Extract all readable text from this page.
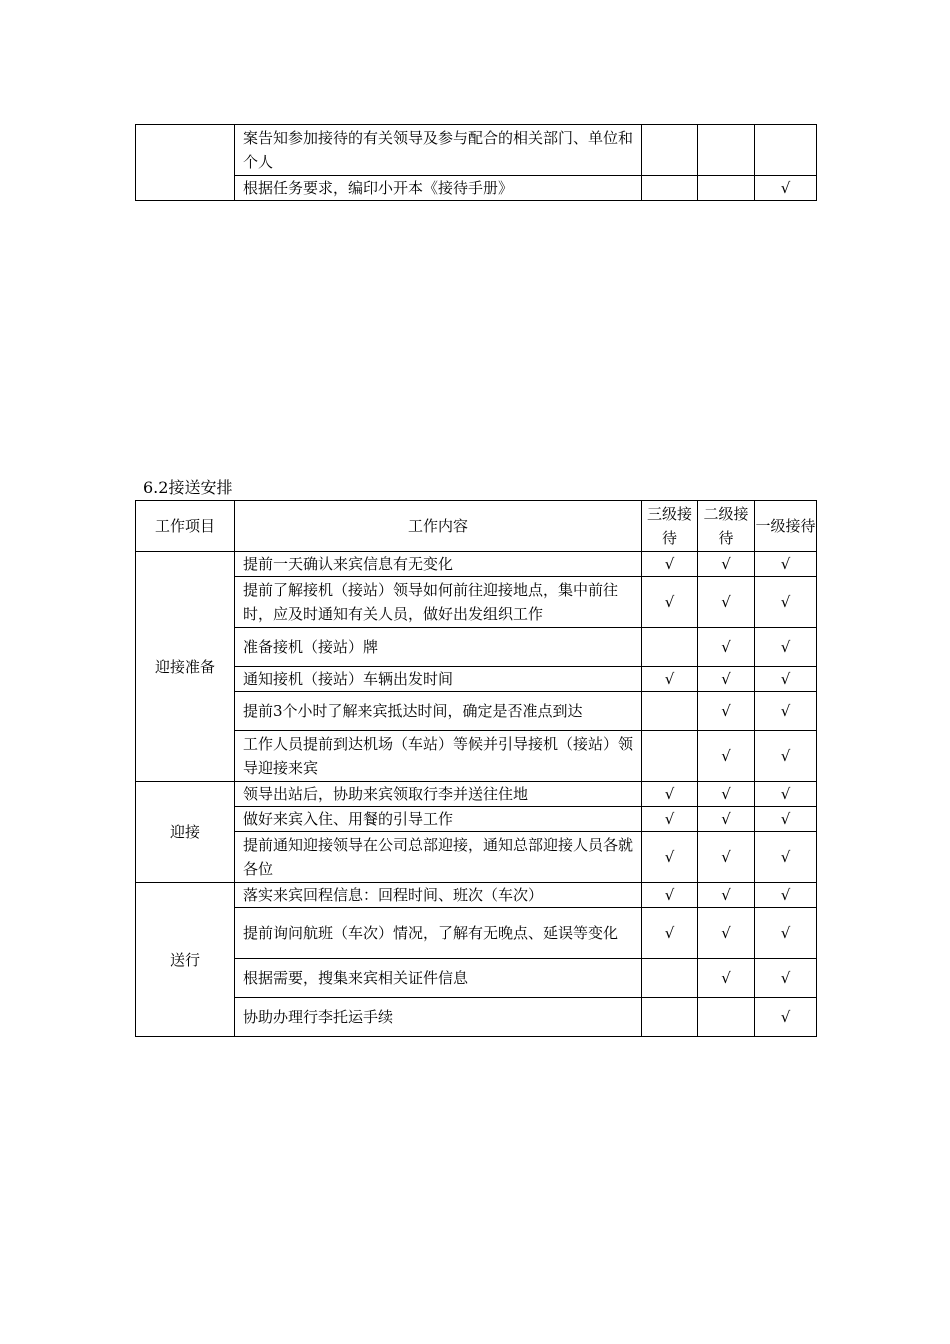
	案告知参加接待的有关领导及参与配合的相关部门、单位和个人			
	根据任务要求，编印小开本《接待手册》			√
6.2接送安排
工作项目	工作内容	三级接待	二级接待	一级接待
迎接准备	提前一天确认来宾信息有无变化	√	√	√
	提前了解接机（接站）领导如何前往迎接地点，集中前往时，应及时通知有关人员，做好出发组织工作	√	√	√
	准备接机（接站）牌		√	√
	通知接机（接站）车辆出发时间	√	√	√
	提前3个小时了解来宾抵达时间，确定是否准点到达		√	√
	工作人员提前到达机场（车站）等候并引导接机（接站）领导迎接来宾		√	√
迎接	领导出站后，协助来宾领取行李并送往住地	√	√	√
	做好来宾入住、用餐的引导工作	√	√	√
	提前通知迎接领导在公司总部迎接，通知总部迎接人员各就各位	√	√	√
送行	落实来宾回程信息：回程时间、班次（车次）	√	√	√
	提前询问航班（车次）情况，了解有无晚点、延误等变化	√	√	√
	根据需要，搜集来宾相关证件信息		√	√
	协助办理行李托运手续			√
